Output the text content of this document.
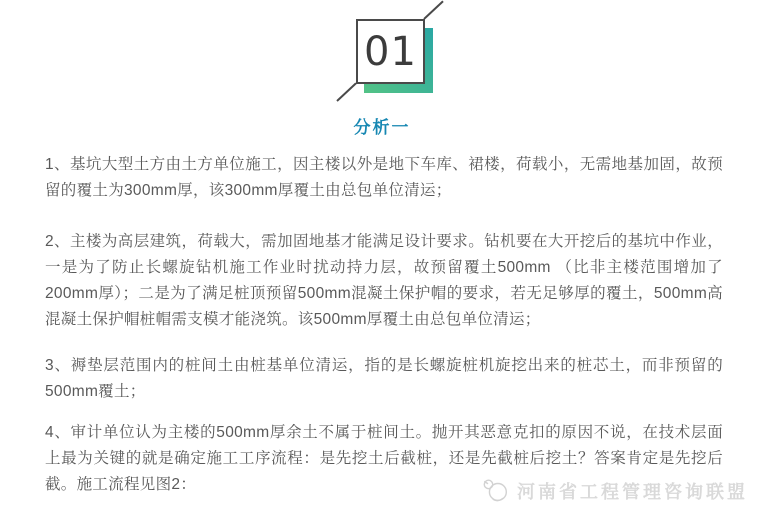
01
分析一

1、基坑大型土方由土方单位施工，因主楼以外是地下车库、裙楼，荷载小，无需地基加固，故预留的覆土为300mm厚，该300mm厚覆土由总包单位清运；

2、主楼为高层建筑，荷载大，需加固地基才能满足设计要求。钻机要在大开挖后的基坑中作业，一是为了防止长螺旋钻机施工作业时扰动持力层，故预留覆土500mm （比非主楼范围增加了200mm厚）；二是为了满足桩顶预留500mm混凝土保护帽的要求，若无足够厚的覆土，500mm高混凝土保护帽桩帽需支模才能浇筑。该500mm厚覆土由总包单位清运；

3、褥垫层范围内的桩间土由桩基单位清运，指的是长螺旋桩机旋挖出来的桩芯土，而非预留的500mm覆土；

4、审计单位认为主楼的500mm厚余土不属于桩间土。抛开其恶意克扣的原因不说，在技术层面上最为关键的就是确定施工工序流程：是先挖土后截桩，还是先截桩后挖土？答案肯定是先挖后截。施工流程见图2：	河南省工程管理咨询联盟
